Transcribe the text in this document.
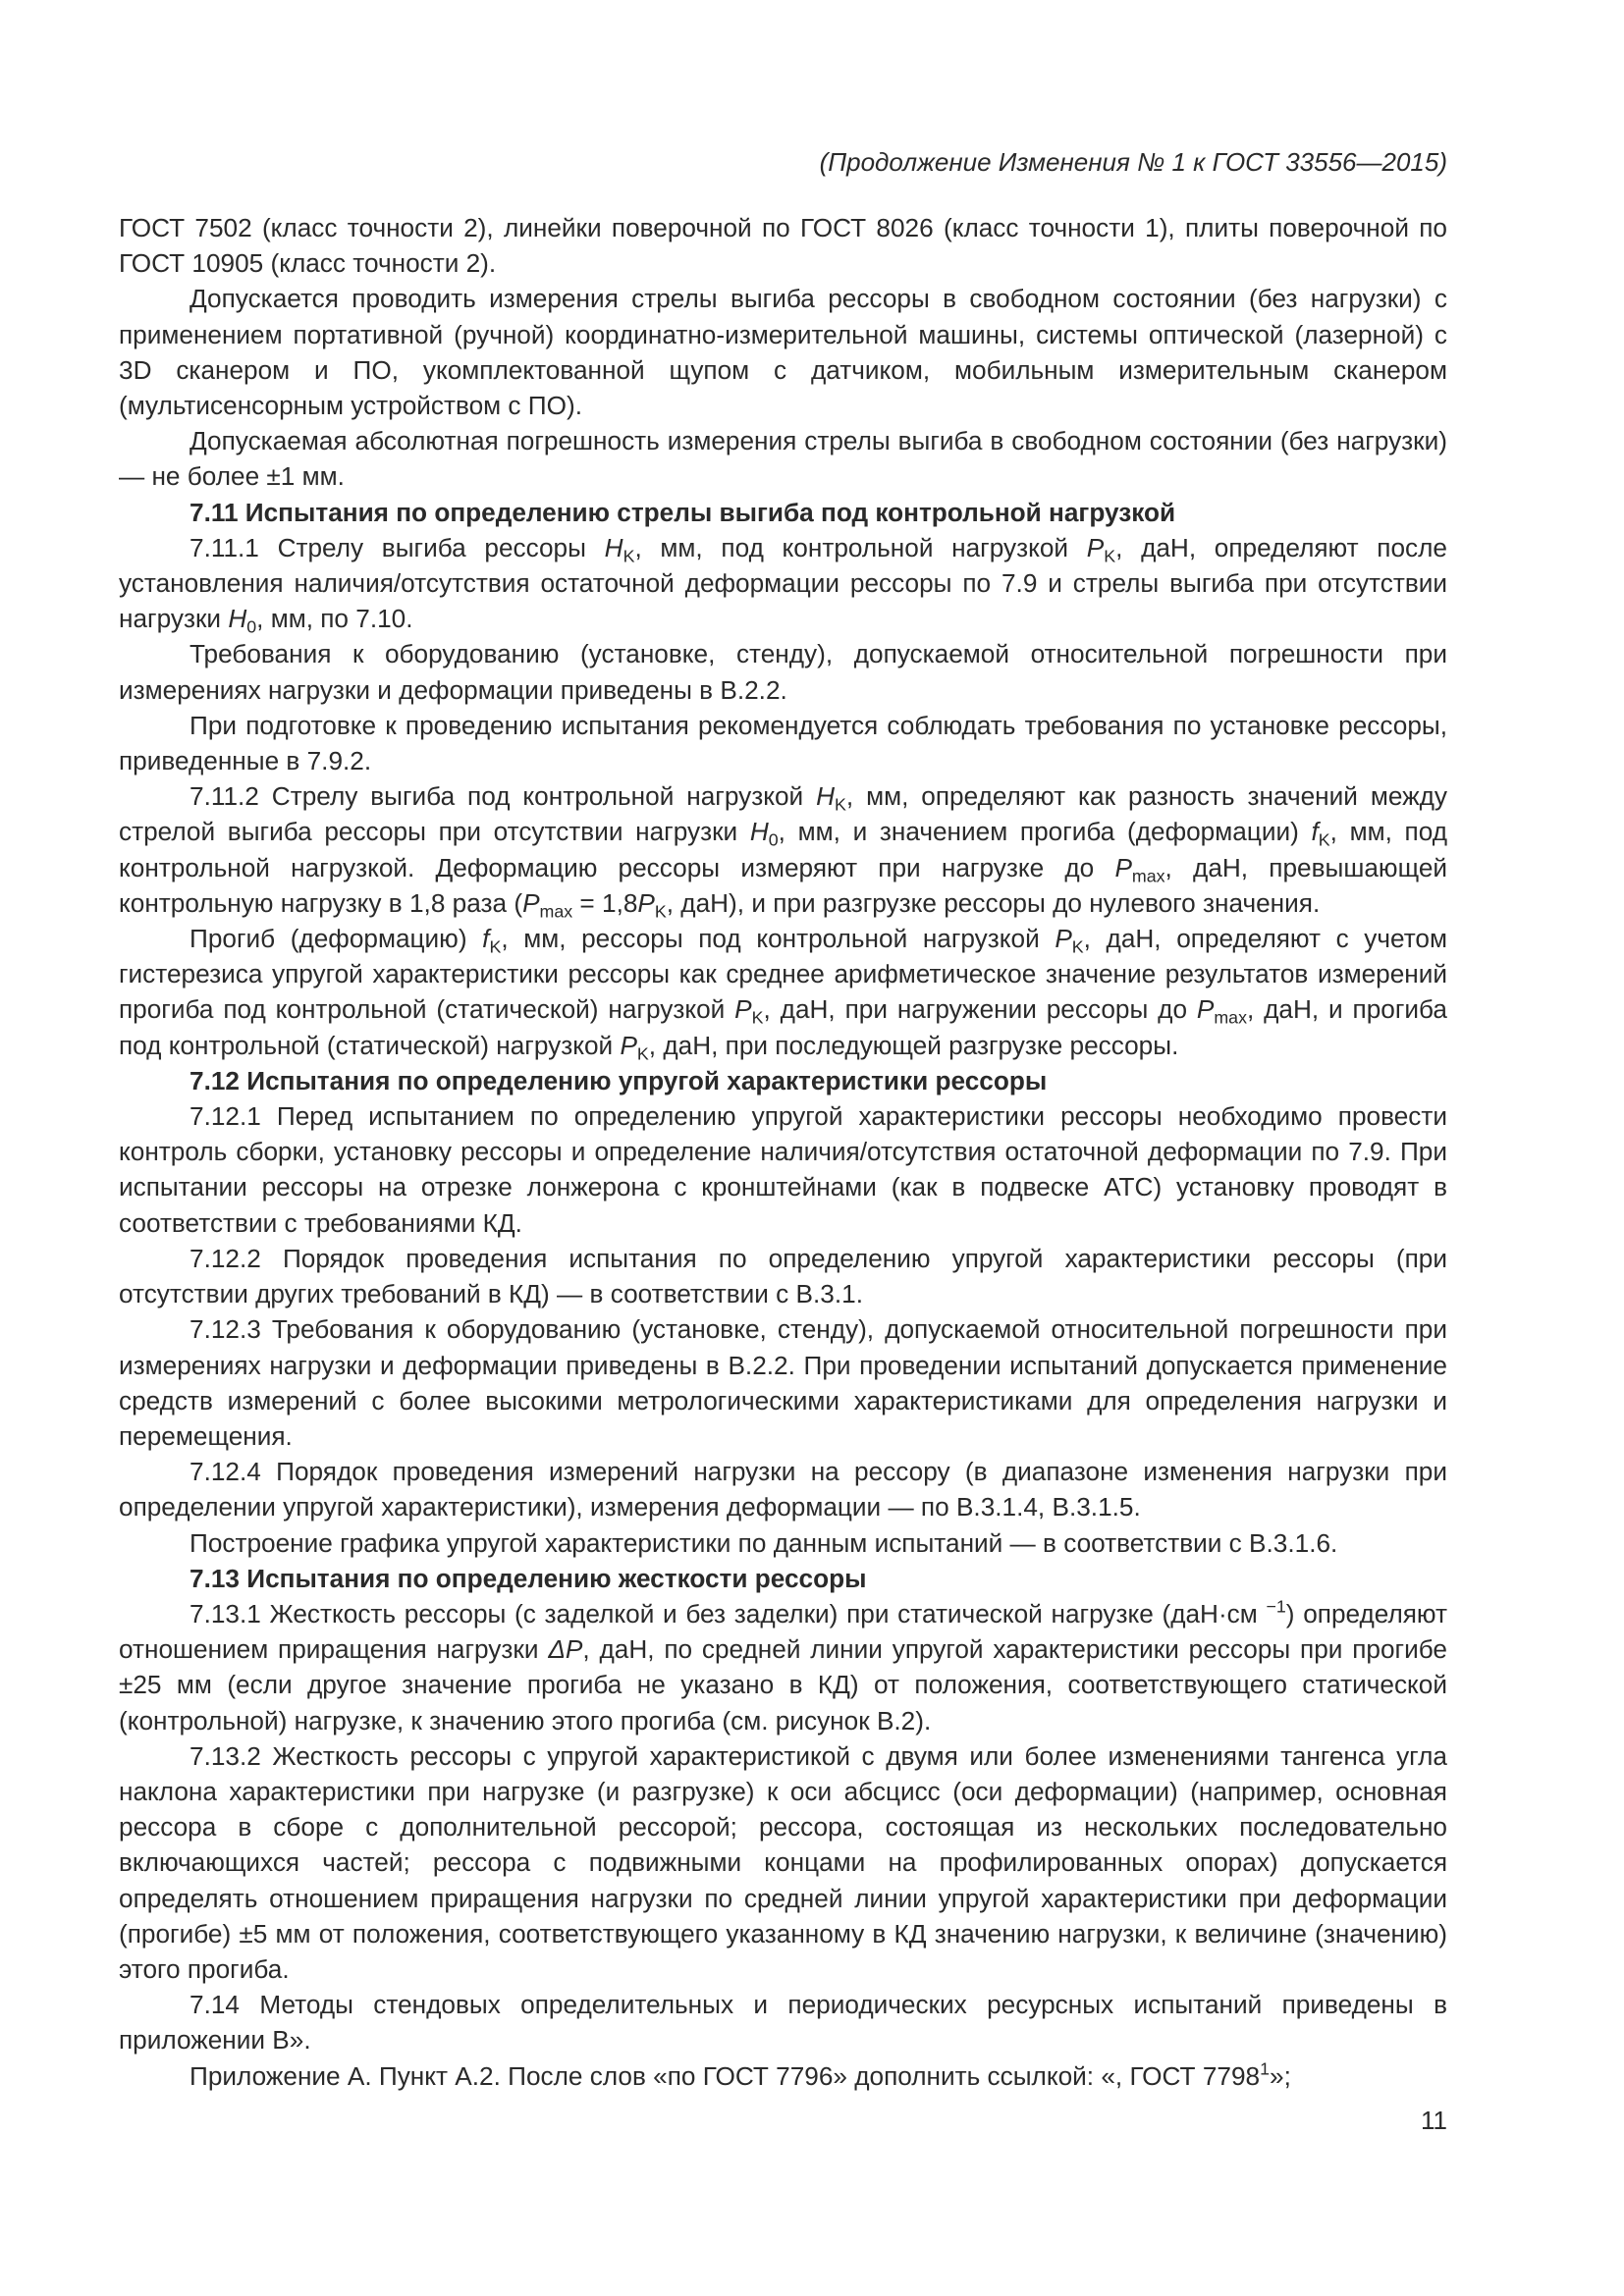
(Продолжение Изменения № 1 к ГОСТ 33556—2015)

ГОСТ 7502 (класс точности 2), линейки поверочной по ГОСТ 8026 (класс точности 1), плиты поверочной по ГОСТ 10905 (класс точности 2).

Допускается проводить измерения стрелы выгиба рессоры в свободном состоянии (без нагрузки) с применением портативной (ручной) координатно-измерительной машины, системы оптической (лазерной) с 3D сканером и ПО, укомплектованной щупом с датчиком, мобильным измерительным сканером (мультисенсорным устройством с ПО).

Допускаемая абсолютная погрешность измерения стрелы выгиба в свободном состоянии (без нагрузки) — не более ±1 мм.

7.11 Испытания по определению стрелы выгиба под контрольной нагрузкой

7.11.1 Стрелу выгиба рессоры $H_K$, мм, под контрольной нагрузкой $P_K$, даН, определяют после установления наличия/отсутствия остаточной деформации рессоры по 7.9 и стрелы выгиба при отсутствии нагрузки $H_0$, мм, по 7.10.

Требования к оборудованию (установке, стенду), допускаемой относительной погрешности при измерениях нагрузки и деформации приведены в В.2.2.

При подготовке к проведению испытания рекомендуется соблюдать требования по установке рессоры, приведенные в 7.9.2.

7.11.2 Стрелу выгиба под контрольной нагрузкой $H_K$, мм, определяют как разность значений между стрелой выгиба рессоры при отсутствии нагрузки $H_0$, мм, и значением прогиба (деформации) $f_K$, мм, под контрольной нагрузкой. Деформацию рессоры измеряют при нагрузке до $P_{max}$, даН, превышающей контрольную нагрузку в 1,8 раза ($P_{max} = 1,8P_K$, даН), и при разгрузке рессоры до нулевого значения.

Прогиб (деформацию) $f_K$, мм, рессоры под контрольной нагрузкой $P_K$, даН, определяют с учетом гистерезиса упругой характеристики рессоры как среднее арифметическое значение результатов измерений прогиба под контрольной (статической) нагрузкой $P_K$, даН, при нагружении рессоры до $P_{max}$, даН, и прогиба под контрольной (статической) нагрузкой $P_K$, даН, при последующей разгрузке рессоры.

7.12 Испытания по определению упругой характеристики рессоры

7.12.1 Перед испытанием по определению упругой характеристики рессоры необходимо провести контроль сборки, установку рессоры и определение наличия/отсутствия остаточной деформации по 7.9. При испытании рессоры на отрезке лонжерона с кронштейнами (как в подвеске АТС) установку проводят в соответствии с требованиями КД.

7.12.2 Порядок проведения испытания по определению упругой характеристики рессоры (при отсутствии других требований в КД) — в соответствии с В.3.1.

7.12.3 Требования к оборудованию (установке, стенду), допускаемой относительной погрешности при измерениях нагрузки и деформации приведены в В.2.2. При проведении испытаний допускается применение средств измерений с более высокими метрологическими характеристиками для определения нагрузки и перемещения.

7.12.4 Порядок проведения измерений нагрузки на рессору (в диапазоне изменения нагрузки при определении упругой характеристики), измерения деформации — по В.3.1.4, В.3.1.5.

Построение графика упругой характеристики по данным испытаний — в соответствии с В.3.1.6.

7.13 Испытания по определению жесткости рессоры

7.13.1 Жесткость рессоры (с заделкой и без заделки) при статической нагрузке (даН·см $^{-1}$) определяют отношением приращения нагрузки ΔP, даН, по средней линии упругой характеристики рессоры при прогибе ±25 мм (если другое значение прогиба не указано в КД) от положения, соответствующего статической (контрольной) нагрузке, к значению этого прогиба (см. рисунок В.2).

7.13.2 Жесткость рессоры с упругой характеристикой с двумя или более изменениями тангенса угла наклона характеристики при нагрузке (и разгрузке) к оси абсцисс (оси деформации) (например, основная рессора в сборе с дополнительной рессорой; рессора, состоящая из нескольких последовательно включающихся частей; рессора с подвижными концами на профилированных опорах) допускается определять отношением приращения нагрузки по средней линии упругой характеристики при деформации (прогибе) ±5 мм от положения, соответствующего указанному в КД значению нагрузки, к величине (значению) этого прогиба.

7.14 Методы стендовых определительных и периодических ресурсных испытаний приведены в приложении В».

Приложение А. Пункт А.2. После слов «по ГОСТ 7796» дополнить ссылкой: «, ГОСТ 7798$^1$»;

11
